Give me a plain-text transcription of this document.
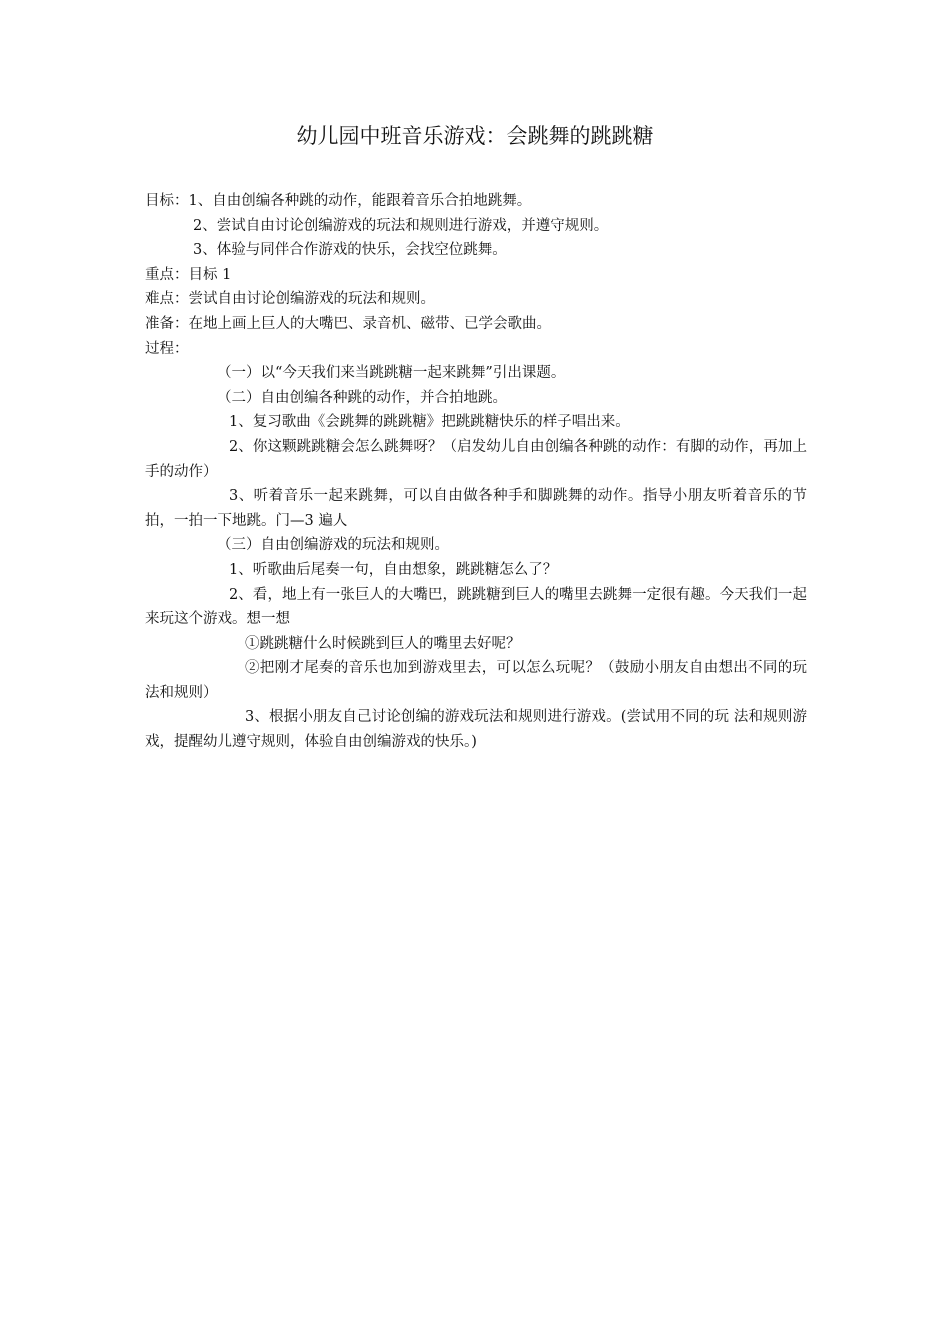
幼儿园中班音乐游戏：会跳舞的跳跳糖

目标：1、自由创编各种跳的动作，能跟着音乐合拍地跳舞。

2、尝试自由讨论创编游戏的玩法和规则进行游戏，并遵守规则。

3、体验与同伴合作游戏的快乐，会找空位跳舞。

重点：目标 1

难点：尝试自由讨论创编游戏的玩法和规则。

准备：在地上画上巨人的大嘴巴、录音机、磁带、已学会歌曲。

过程：

（一）以“今天我们来当跳跳糖一起来跳舞”引出课题。

（二）自由创编各种跳的动作，并合拍地跳。

1、复习歌曲《会跳舞的跳跳糖》把跳跳糖快乐的样子唱出来。

2、你这颗跳跳糖会怎么跳舞呀？（启发幼儿自由创编各种跳的动作：有脚的动作，再加上手的动作）

3、听着音乐一起来跳舞，可以自由做各种手和脚跳舞的动作。指导小朋友听着音乐的节拍，一拍一下地跳。门—3 遍人

（三）自由创编游戏的玩法和规则。

1、听歌曲后尾奏一句，自由想象，跳跳糖怎么了？

2、看，地上有一张巨人的大嘴巴，跳跳糖到巨人的嘴里去跳舞一定很有趣。今天我们一起来玩这个游戏。想一想

①跳跳糖什么时候跳到巨人的嘴里去好呢？

②把刚才尾奏的音乐也加到游戏里去，可以怎么玩呢？（鼓励小朋友自由想出不同的玩法和规则）

3、根据小朋友自己讨论创编的游戏玩法和规则进行游戏。(尝试用不同的玩 法和规则游戏，提醒幼儿遵守规则，体验自由创编游戏的快乐。)
